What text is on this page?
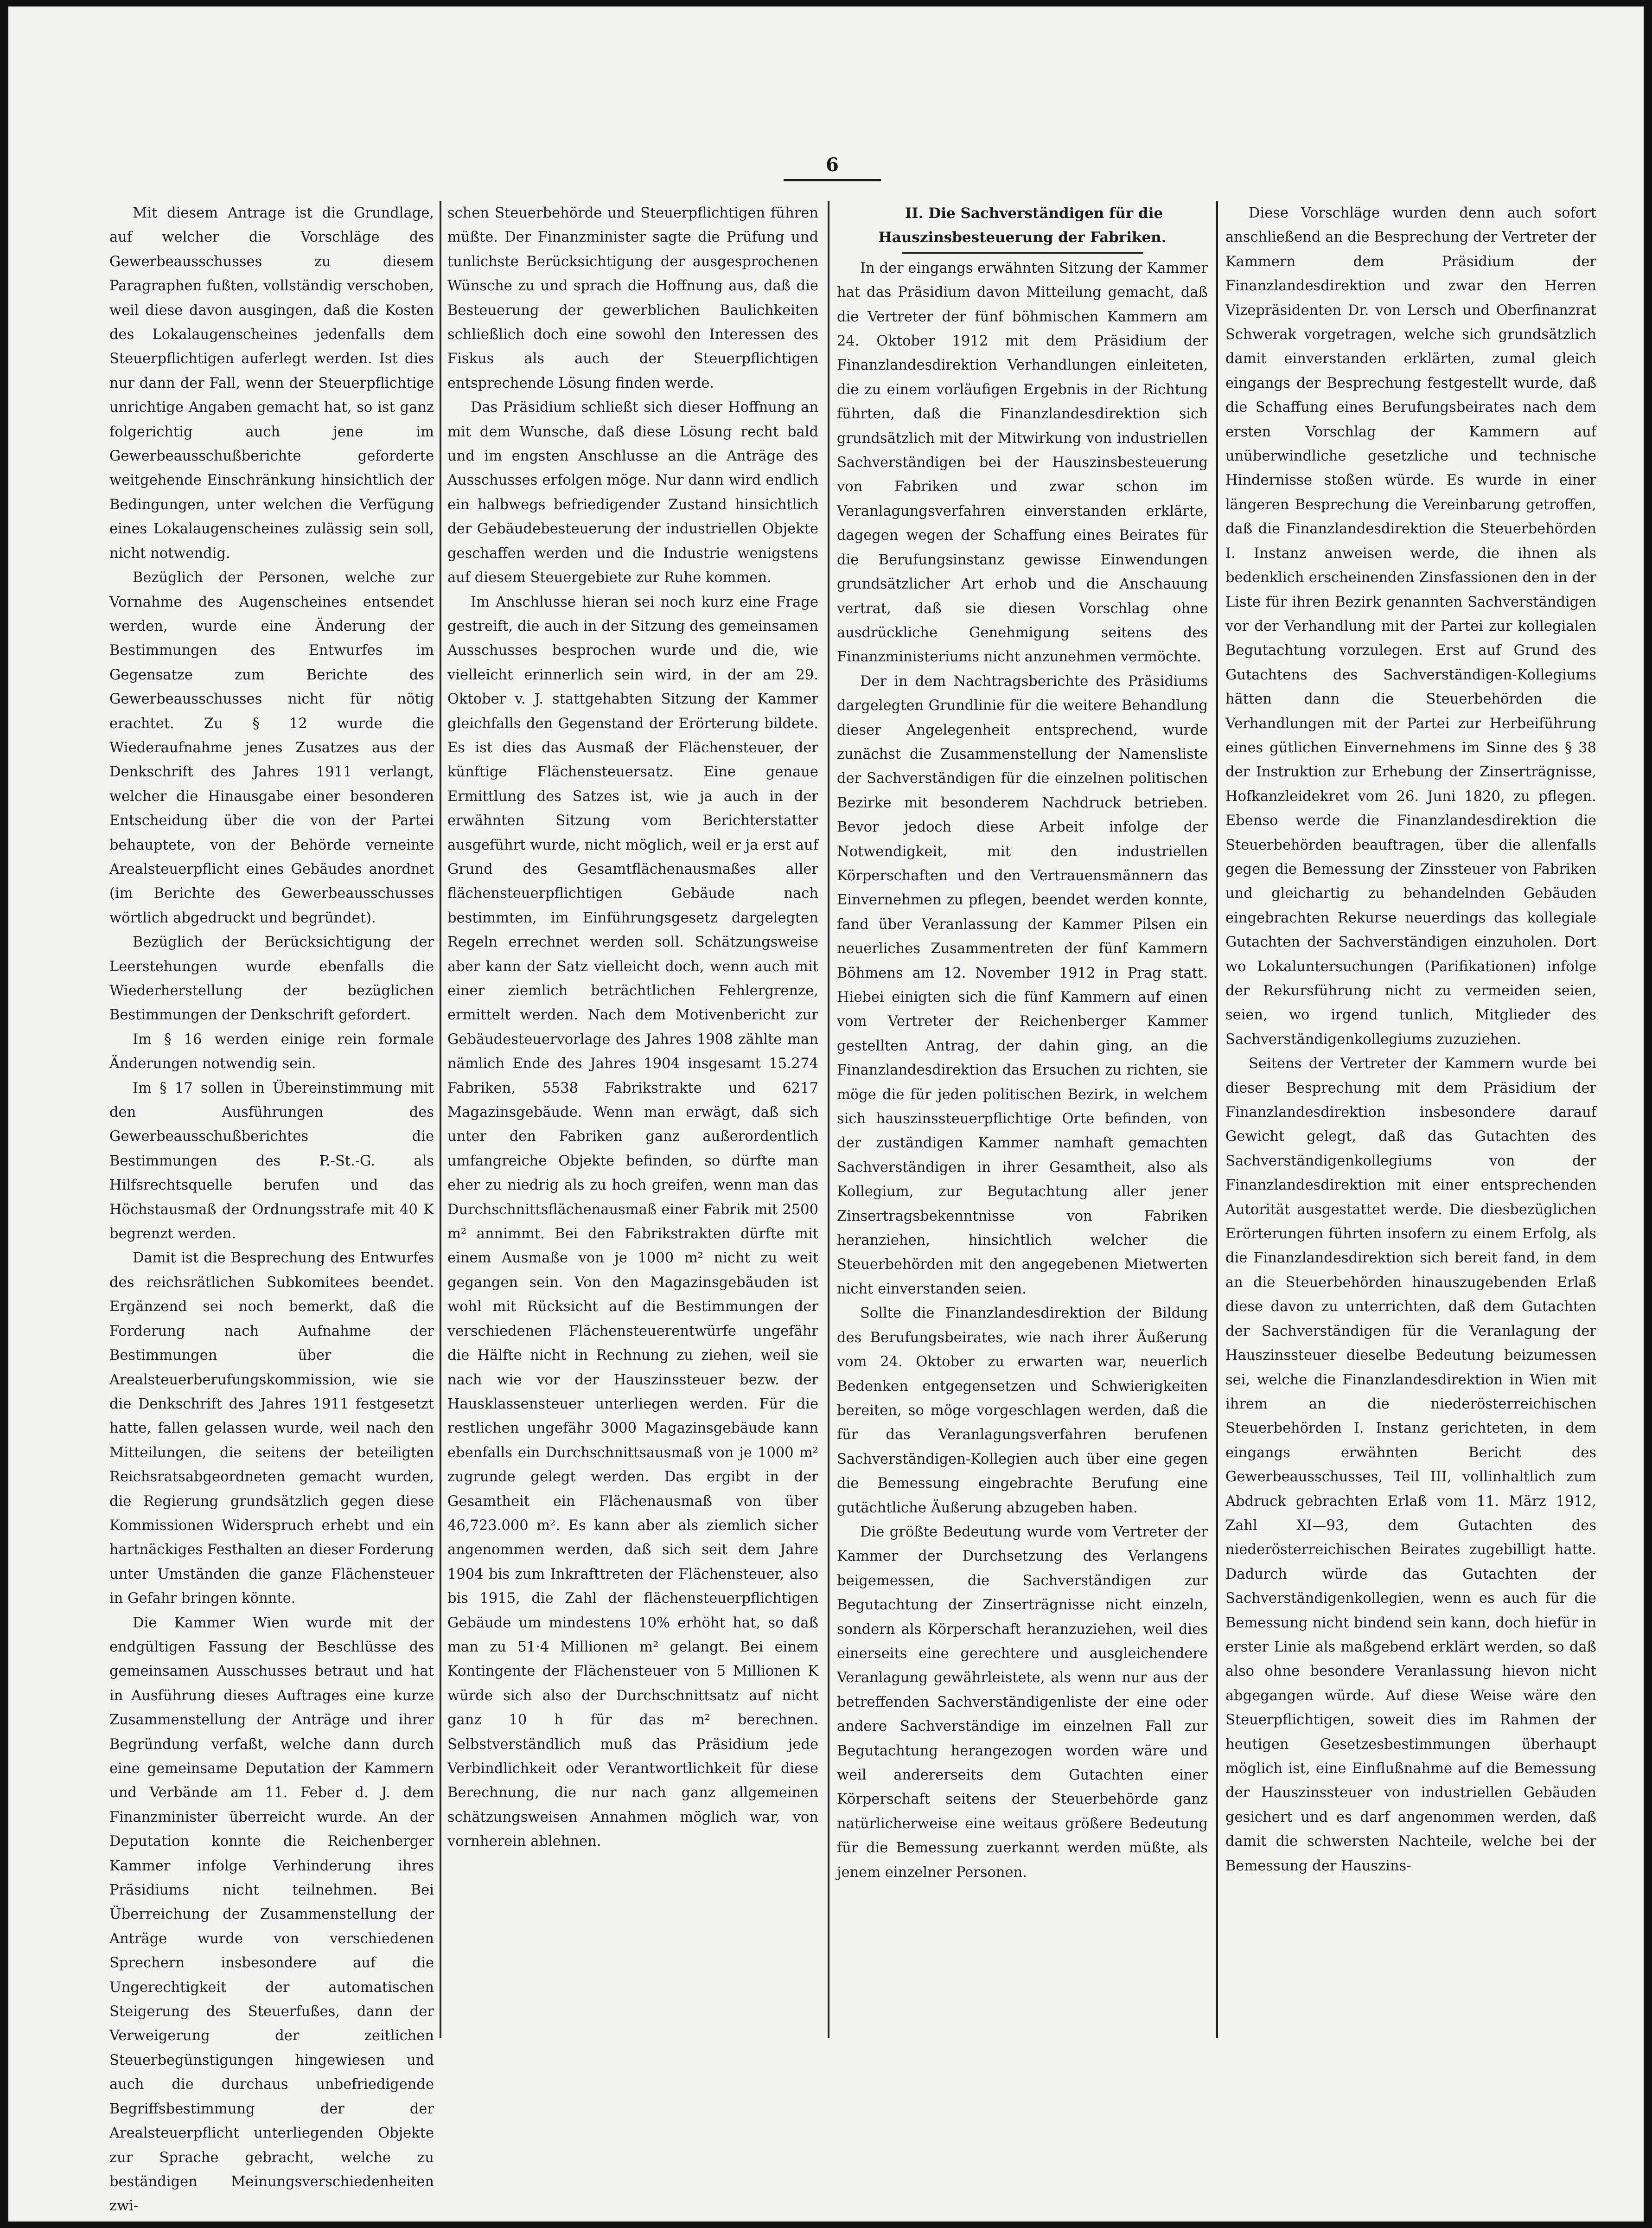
6

Mit diesem Antrage ist die Grundlage, auf welcher die Vorschläge des Gewerbeausschusses zu diesem Paragraphen fußten, vollständig verschoben, weil diese davon ausgingen, daß die Kosten des Lokalaugenscheines jedenfalls dem Steuerpflichtigen auferlegt werden. Ist dies nur dann der Fall, wenn der Steuerpflichtige unrichtige Angaben gemacht hat, so ist ganz folgerichtig auch jene im Gewerbeausschußberichte geforderte weitgehende Einschränkung hinsichtlich der Bedingungen, unter welchen die Verfügung eines Lokalaugenscheines zulässig sein soll, nicht notwendig.

Bezüglich der Personen, welche zur Vornahme des Augenscheines entsendet werden, wurde eine Änderung der Bestimmungen des Entwurfes im Gegensatze zum Berichte des Gewerbeausschusses nicht für nötig erachtet. Zu § 12 wurde die Wiederaufnahme jenes Zusatzes aus der Denkschrift des Jahres 1911 verlangt, welcher die Hinausgabe einer besonderen Entscheidung über die von der Partei behauptete, von der Behörde verneinte Arealsteuerpflicht eines Gebäudes anordnet (im Berichte des Gewerbeausschusses wörtlich abgedruckt und begründet).

Bezüglich der Berücksichtigung der Leerstehungen wurde ebenfalls die Wiederherstellung der bezüglichen Bestimmungen der Denkschrift gefordert.

Im § 16 werden einige rein formale Änderungen notwendig sein.

Im § 17 sollen in Übereinstimmung mit den Ausführungen des Gewerbeausschußberichtes die Bestimmungen des P.-St.-G. als Hilfsrechtsquelle berufen und das Höchstausmaß der Ordnungsstrafe mit 40 K begrenzt werden.

Damit ist die Besprechung des Entwurfes des reichsrätlichen Subkomitees beendet. Ergänzend sei noch bemerkt, daß die Forderung nach Aufnahme der Bestimmungen über die Arealsteuerberufungskommission, wie sie die Denkschrift des Jahres 1911 festgesetzt hatte, fallen gelassen wurde, weil nach den Mitteilungen, die seitens der beteiligten Reichsratsabgeordneten gemacht wurden, die Regierung grundsätzlich gegen diese Kommissionen Widerspruch erhebt und ein hartnäckiges Festhalten an dieser Forderung unter Umständen die ganze Flächensteuer in Gefahr bringen könnte.

Die Kammer Wien wurde mit der endgültigen Fassung der Beschlüsse des gemeinsamen Ausschusses betraut und hat in Ausführung dieses Auftrages eine kurze Zusammenstellung der Anträge und ihrer Begründung verfaßt, welche dann durch eine gemeinsame Deputation der Kammern und Verbände am 11. Feber d. J. dem Finanzminister überreicht wurde. An der Deputation konnte die Reichenberger Kammer infolge Verhinderung ihres Präsidiums nicht teilnehmen. Bei Überreichung der Zusammenstellung der Anträge wurde von verschiedenen Sprechern insbesondere auf die Ungerechtigkeit der automatischen Steigerung des Steuerfußes, dann der Verweigerung der zeitlichen Steuerbegünstigungen hingewiesen und auch die durchaus unbefriedigende Begriffsbestimmung der der Arealsteuerpflicht unterliegenden Objekte zur Sprache gebracht, welche zu beständigen Meinungsverschiedenheiten zwi-

schen Steuerbehörde und Steuerpflichtigen führen müßte. Der Finanzminister sagte die Prüfung und tunlichste Berücksichtigung der ausgesprochenen Wünsche zu und sprach die Hoffnung aus, daß die Besteuerung der gewerblichen Baulichkeiten schließlich doch eine sowohl den Interessen des Fiskus als auch der Steuerpflichtigen entsprechende Lösung finden werde.

Das Präsidium schließt sich dieser Hoffnung an mit dem Wunsche, daß diese Lösung recht bald und im engsten Anschlusse an die Anträge des Ausschusses erfolgen möge. Nur dann wird endlich ein halbwegs befriedigender Zustand hinsichtlich der Gebäudebesteuerung der industriellen Objekte geschaffen werden und die Industrie wenigstens auf diesem Steuergebiete zur Ruhe kommen.

Im Anschlusse hieran sei noch kurz eine Frage gestreift, die auch in der Sitzung des gemeinsamen Ausschusses besprochen wurde und die, wie vielleicht erinnerlich sein wird, in der am 29. Oktober v. J. stattgehabten Sitzung der Kammer gleichfalls den Gegenstand der Erörterung bildete. Es ist dies das Ausmaß der Flächensteuer, der künftige Flächensteuersatz. Eine genaue Ermittlung des Satzes ist, wie ja auch in der erwähnten Sitzung vom Berichterstatter ausgeführt wurde, nicht möglich, weil er ja erst auf Grund des Gesamtflächenausmaßes aller flächensteuerpflichtigen Gebäude nach bestimmten, im Einführungsgesetz dargelegten Regeln errechnet werden soll. Schätzungsweise aber kann der Satz vielleicht doch, wenn auch mit einer ziemlich beträchtlichen Fehlergrenze, ermittelt werden. Nach dem Motivenbericht zur Gebäudesteuervorlage des Jahres 1908 zählte man nämlich Ende des Jahres 1904 insgesamt 15.274 Fabriken, 5538 Fabrikstrakte und 6217 Magazinsgebäude. Wenn man erwägt, daß sich unter den Fabriken ganz außerordentlich umfangreiche Objekte befinden, so dürfte man eher zu niedrig als zu hoch greifen, wenn man das Durchschnittsflächenausmaß einer Fabrik mit 2500 m² annimmt. Bei den Fabrikstrakten dürfte mit einem Ausmaße von je 1000 m² nicht zu weit gegangen sein. Von den Magazinsgebäuden ist wohl mit Rücksicht auf die Bestimmungen der verschiedenen Flächensteuerentwürfe ungefähr die Hälfte nicht in Rechnung zu ziehen, weil sie nach wie vor der Hauszinssteuer bezw. der Hausklassensteuer unterliegen werden. Für die restlichen ungefähr 3000 Magazinsgebäude kann ebenfalls ein Durchschnittsausmaß von je 1000 m² zugrunde gelegt werden. Das ergibt in der Gesamtheit ein Flächenausmaß von über 46,723.000 m². Es kann aber als ziemlich sicher angenommen werden, daß sich seit dem Jahre 1904 bis zum Inkrafttreten der Flächensteuer, also bis 1915, die Zahl der flächensteuerpflichtigen Gebäude um mindestens 10% erhöht hat, so daß man zu 51·4 Millionen m² gelangt. Bei einem Kontingente der Flächensteuer von 5 Millionen K würde sich also der Durchschnittsatz auf nicht ganz 10 h für das m² berechnen. Selbstverständlich muß das Präsidium jede Verbindlichkeit oder Verantwortlichkeit für diese Berechnung, die nur nach ganz allgemeinen schätzungsweisen Annahmen möglich war, von vornherein ablehnen.

II. Die Sachverständigen für die Hauszinsbesteuerung der Fabriken.

In der eingangs erwähnten Sitzung der Kammer hat das Präsidium davon Mitteilung gemacht, daß die Vertreter der fünf böhmischen Kammern am 24. Oktober 1912 mit dem Präsidium der Finanzlandesdirektion Verhandlungen einleiteten, die zu einem vorläufigen Ergebnis in der Richtung führten, daß die Finanzlandesdirektion sich grundsätzlich mit der Mitwirkung von industriellen Sachverständigen bei der Hauszinsbesteuerung von Fabriken und zwar schon im Veranlagungsverfahren einverstanden erklärte, dagegen wegen der Schaffung eines Beirates für die Berufungsinstanz gewisse Einwendungen grundsätzlicher Art erhob und die Anschauung vertrat, daß sie diesen Vorschlag ohne ausdrückliche Genehmigung seitens des Finanzministeriums nicht anzunehmen vermöchte.

Der in dem Nachtragsberichte des Präsidiums dargelegten Grundlinie für die weitere Behandlung dieser Angelegenheit entsprechend, wurde zunächst die Zusammenstellung der Namensliste der Sachverständigen für die einzelnen politischen Bezirke mit besonderem Nachdruck betrieben. Bevor jedoch diese Arbeit infolge der Notwendigkeit, mit den industriellen Körperschaften und den Vertrauensmännern das Einvernehmen zu pflegen, beendet werden konnte, fand über Veranlassung der Kammer Pilsen ein neuerliches Zusammentreten der fünf Kammern Böhmens am 12. November 1912 in Prag statt. Hiebei einigten sich die fünf Kammern auf einen vom Vertreter der Reichenberger Kammer gestellten Antrag, der dahin ging, an die Finanzlandesdirektion das Ersuchen zu richten, sie möge die für jeden politischen Bezirk, in welchem sich hauszinssteuerpflichtige Orte befinden, von der zuständigen Kammer namhaft gemachten Sachverständigen in ihrer Gesamtheit, also als Kollegium, zur Begutachtung aller jener Zinsertragsbekenntnisse von Fabriken heranziehen, hinsichtlich welcher die Steuerbehörden mit den angegebenen Mietwerten nicht einverstanden seien.

Sollte die Finanzlandesdirektion der Bildung des Berufungsbeirates, wie nach ihrer Äußerung vom 24. Oktober zu erwarten war, neuerlich Bedenken entgegensetzen und Schwierigkeiten bereiten, so möge vorgeschlagen werden, daß die für das Veranlagungsverfahren berufenen Sachverständigen-Kollegien auch über eine gegen die Bemessung eingebrachte Berufung eine gutächtliche Äußerung abzugeben haben.

Die größte Bedeutung wurde vom Vertreter der Kammer der Durchsetzung des Verlangens beigemessen, die Sachverständigen zur Begutachtung der Zinserträgnisse nicht einzeln, sondern als Körperschaft heranzuziehen, weil dies einerseits eine gerechtere und ausgleichendere Veranlagung gewährleistete, als wenn nur aus der betreffenden Sachverständigenliste der eine oder andere Sachverständige im einzelnen Fall zur Begutachtung herangezogen worden wäre und weil andererseits dem Gutachten einer Körperschaft seitens der Steuerbehörde ganz natürlicherweise eine weitaus größere Bedeutung für die Bemessung zuerkannt werden müßte, als jenem einzelner Personen.

Diese Vorschläge wurden denn auch sofort anschließend an die Besprechung der Vertreter der Kammern dem Präsidium der Finanzlandesdirektion und zwar den Herren Vizepräsidenten Dr. von Lersch und Oberfinanzrat Schwerak vorgetragen, welche sich grundsätzlich damit einverstanden erklärten, zumal gleich eingangs der Besprechung festgestellt wurde, daß die Schaffung eines Berufungsbeirates nach dem ersten Vorschlag der Kammern auf unüberwindliche gesetzliche und technische Hindernisse stoßen würde. Es wurde in einer längeren Besprechung die Vereinbarung getroffen, daß die Finanzlandesdirektion die Steuerbehörden I. Instanz anweisen werde, die ihnen als bedenklich erscheinenden Zinsfassionen den in der Liste für ihren Bezirk genannten Sachverständigen vor der Verhandlung mit der Partei zur kollegialen Begutachtung vorzulegen. Erst auf Grund des Gutachtens des Sachverständigen-Kollegiums hätten dann die Steuerbehörden die Verhandlungen mit der Partei zur Herbeiführung eines gütlichen Einvernehmens im Sinne des § 38 der Instruktion zur Erhebung der Zinserträgnisse, Hofkanzleidekret vom 26. Juni 1820, zu pflegen. Ebenso werde die Finanzlandesdirektion die Steuerbehörden beauftragen, über die allenfalls gegen die Bemessung der Zinssteuer von Fabriken und gleichartig zu behandelnden Gebäuden eingebrachten Rekurse neuerdings das kollegiale Gutachten der Sachverständigen einzuholen. Dort wo Lokaluntersuchungen (Parifikationen) infolge der Rekursführung nicht zu vermeiden seien, seien, wo irgend tunlich, Mitglieder des Sachverständigenkollegiums zuzuziehen.

Seitens der Vertreter der Kammern wurde bei dieser Besprechung mit dem Präsidium der Finanzlandesdirektion insbesondere darauf Gewicht gelegt, daß das Gutachten des Sachverständigenkollegiums von der Finanzlandesdirektion mit einer entsprechenden Autorität ausgestattet werde. Die diesbezüglichen Erörterungen führten insofern zu einem Erfolg, als die Finanzlandesdirektion sich bereit fand, in dem an die Steuerbehörden hinauszugebenden Erlaß diese davon zu unterrichten, daß dem Gutachten der Sachverständigen für die Veranlagung der Hauszinssteuer dieselbe Bedeutung beizumessen sei, welche die Finanzlandesdirektion in Wien mit ihrem an die niederösterreichischen Steuerbehörden I. Instanz gerichteten, in dem eingangs erwähnten Bericht des Gewerbeausschusses, Teil III, vollinhaltlich zum Abdruck gebrachten Erlaß vom 11. März 1912, Zahl XI—93, dem Gutachten des niederösterreichischen Beirates zugebilligt hatte. Dadurch würde das Gutachten der Sachverständigenkollegien, wenn es auch für die Bemessung nicht bindend sein kann, doch hiefür in erster Linie als maßgebend erklärt werden, so daß also ohne besondere Veranlassung hievon nicht abgegangen würde. Auf diese Weise wäre den Steuerpflichtigen, soweit dies im Rahmen der heutigen Gesetzesbestimmungen überhaupt möglich ist, eine Einflußnahme auf die Bemessung der Hauszinssteuer von industriellen Gebäuden gesichert und es darf angenommen werden, daß damit die schwersten Nachteile, welche bei der Bemessung der Hauszins-
